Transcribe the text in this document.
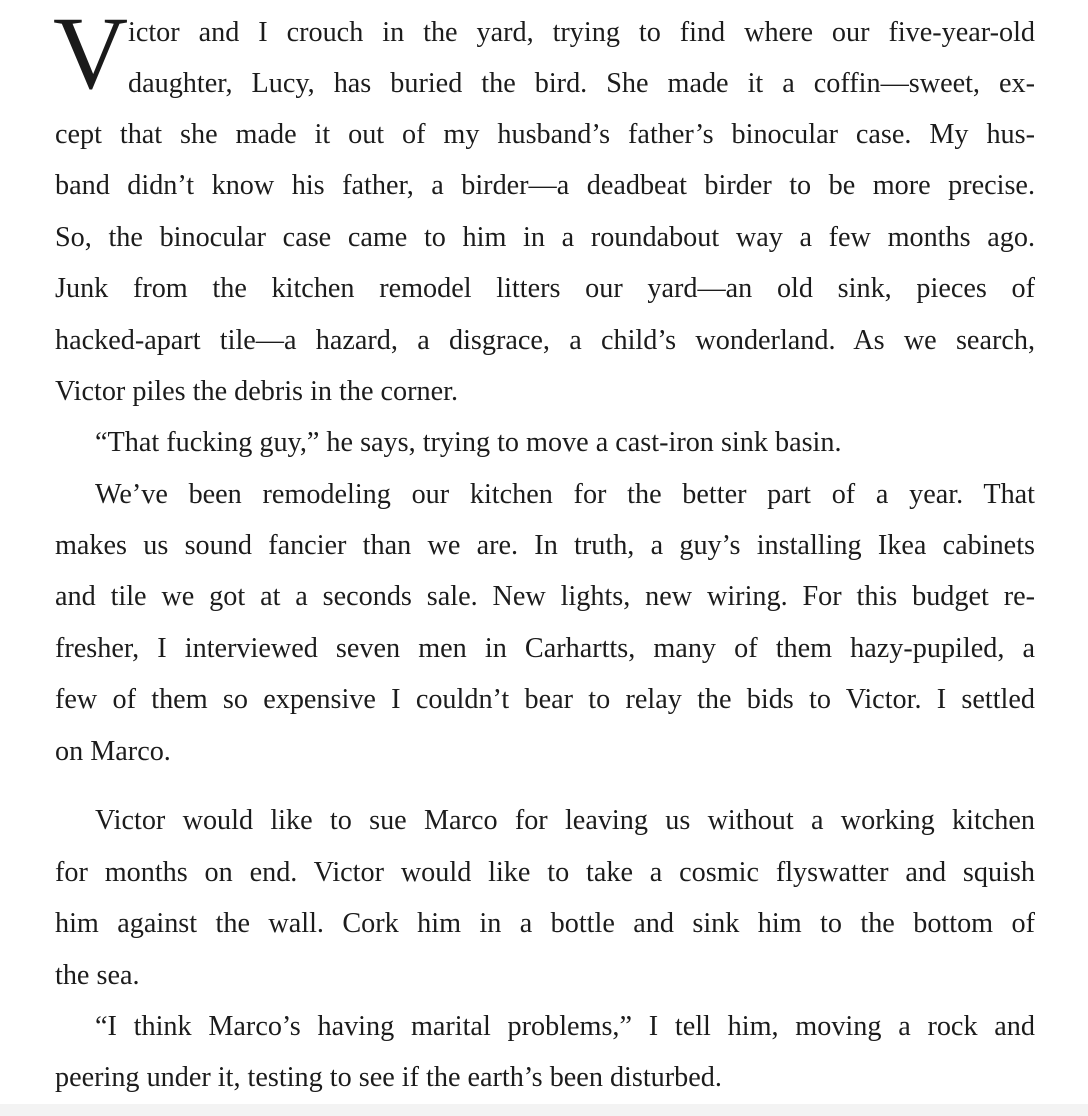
V ictor and I crouch in the yard, trying to find where our five-year-old

daughter, Lucy, has buried the bird. She made it a coffin—sweet, ex-

cept that she made it out of my husband’s father’s binocular case. My hus-

band didn’t know his father, a birder—a deadbeat birder to be more precise.

So, the binocular case came to him in a roundabout way a few months ago.

Junk from the kitchen remodel litters our yard—an old sink, pieces of

hacked-apart tile—a hazard, a disgrace, a child’s wonderland. As we search,

Victor piles the debris in the corner.

“That fucking guy,” he says, trying to move a cast-iron sink basin.

We’ve been remodeling our kitchen for the better part of a year. That

makes us sound fancier than we are. In truth, a guy’s installing Ikea cabinets

and tile we got at a seconds sale. New lights, new wiring. For this budget re-

fresher, I interviewed seven men in Carhartts, many of them hazy-pupiled, a

few of them so expensive I couldn’t bear to relay the bids to Victor. I settled

on Marco.

Victor would like to sue Marco for leaving us without a working kitchen

for months on end. Victor would like to take a cosmic flyswatter and squish

him against the wall. Cork him in a bottle and sink him to the bottom of

the sea.

“I think Marco’s having marital problems,” I tell him, moving a rock and

peering under it, testing to see if the earth’s been disturbed.
